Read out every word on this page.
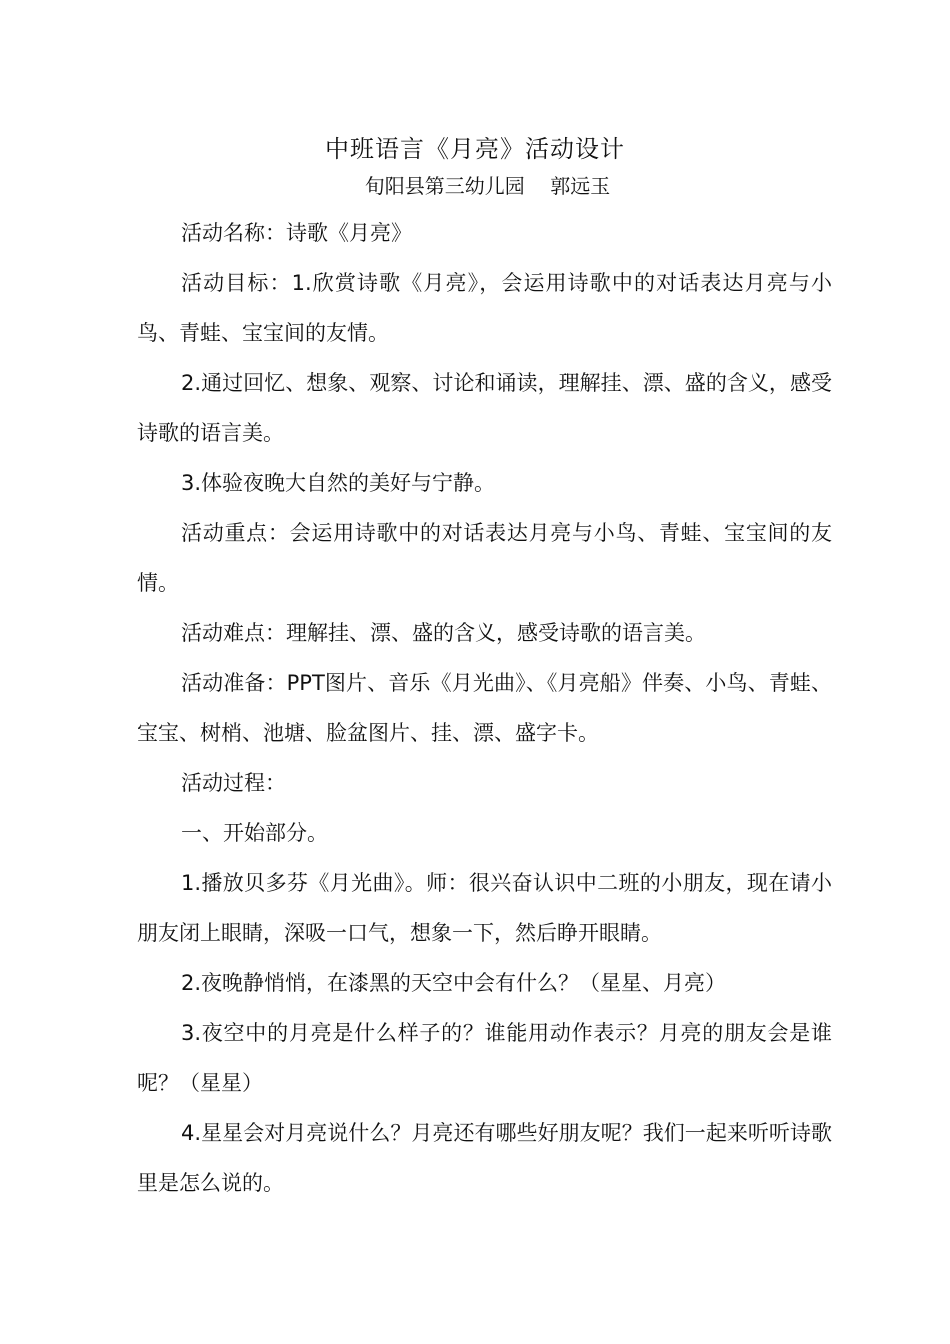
中班语言《月亮》活动设计
旬阳县第三幼儿园    郭远玉

活动名称：诗歌《月亮》

活动目标：1.欣赏诗歌《月亮》，会运用诗歌中的对话表达月亮与小鸟、青蛙、宝宝间的友情。

2.通过回忆、想象、观察、讨论和诵读，理解挂、漂、盛的含义，感受诗歌的语言美。

3.体验夜晚大自然的美好与宁静。

活动重点：会运用诗歌中的对话表达月亮与小鸟、青蛙、宝宝间的友情。

活动难点：理解挂、漂、盛的含义，感受诗歌的语言美。

活动准备：PPT图片、音乐《月光曲》、《月亮船》伴奏、小鸟、青蛙、宝宝、树梢、池塘、脸盆图片、挂、漂、盛字卡。

活动过程：

一、开始部分。

1.播放贝多芬《月光曲》。师：很兴奋认识中二班的小朋友，现在请小朋友闭上眼睛，深吸一口气，想象一下，然后睁开眼睛。

2.夜晚静悄悄，在漆黑的天空中会有什么？（星星、月亮）

3.夜空中的月亮是什么样子的？谁能用动作表示？月亮的朋友会是谁呢？（星星）

4.星星会对月亮说什么？月亮还有哪些好朋友呢？我们一起来听听诗歌里是怎么说的。
